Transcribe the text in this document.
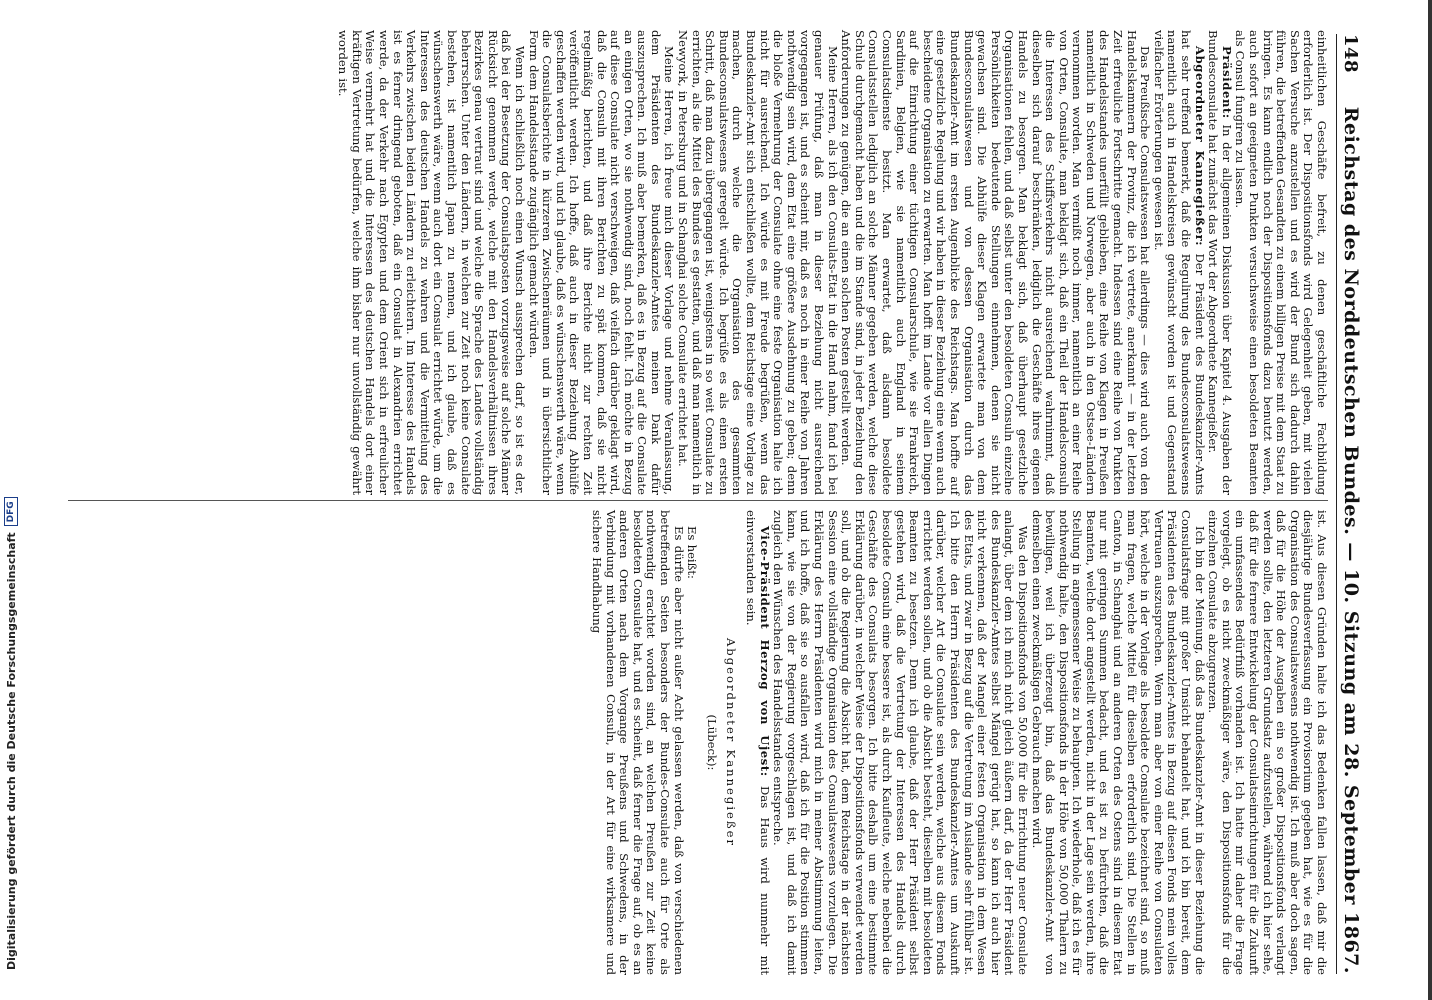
148
Reichstag des Norddeutschen Bundes. — 10. Sitzung am 28. September 1867.

einheitlichen Geschäfte befreit, zu denen geschäftliche Fachbildung erforderlich ist. Der Dispositionsfonds wird Gelegenheit geben, mit vielen Sachen Versuche anzustellen und es wird der Bund sich dadurch dahin führen, die betreffenden Gesandten zu einem billigen Preise mit dem Staat zu bringen. Es kann endlich noch der Dispositionsfonds dazu benutzt werden, auch sofort an geeigneten Punkten versuchsweise einen besoldeten Beamten als Consul fungiren zu lassen.

Präsident: In der allgemeinen Diskussion über Kapitel 4. Ausgaben der Bundesconsulate hat zunächst das Wort der Abgeordnete Kannegießer.

Abgeordneter Kannegießer: Der Präsident des Bundeskanzler-Amts hat sehr treffend bemerkt, daß die Regulirung des Bundesconsulatswesens namentlich auch in Handelskreisen gewünscht worden ist und Gegenstand vielfacher Erörterungen gewesen ist.

Das Preußische Consulatswesen hat allerdings — dies wird auch von den Handelskammern der Provinz, die ich vertrete, anerkannt — in der letzten Zeit erfreuliche Fortschritte gemacht. Indessen sind eine Reihe von Punkten des Handelsstandes unerfüllt geblieben, eine Reihe von Klagen in Preußen namentlich in Schweden und Norwegen, aber auch in den Ostsee-Ländern vernommen worden. Man vermißt noch immer, namentlich an einer Reihe von Orten, Consulate, man beklagt sich, daß ein Theil der Handelsconsuln die Interessen des Schiffsverkehrs nicht ausreichend wahrnimmt, daß dieselben sich darauf beschränken, lediglich die Geschäfte ihres eigenen Handels zu besorgen. Man beklagt sich, daß überhaupt gesetzliche Organisationen fehlen, und daß selbst unter den besoldeten Consuln einzelne Persönlichkeiten bedeutende Stellungen einnehmen, denen sie nicht gewachsen sind. Die Abhülfe dieser Klagen erwartete man von dem Bundesconsulatswesen und von dessen Organisation durch das Bundeskanzler-Amt im ersten Augenblicke des Reichstags. Man hoffte auf eine gesetzliche Regelung und wir haben in dieser Beziehung eine wenn auch bescheidene Organisation zu erwarten. Man hofft im Lande vor allen Dingen auf die Einrichtung einer tüchtigen Consularschule, wie sie Frankreich, Sardinien, Belgien, wie sie namentlich auch England in seinem Consulatsdienste besitzt. Man erwartet, daß alsdann besoldete Consulatsstellen lediglich an solche Männer gegeben werden, welche diese Schule durchgemacht haben und die im Stande sind, in jeder Beziehung den Anforderungen zu genügen, die an einen solchen Posten gestellt werden.

Meine Herren, als ich den Consulats-Etat in die Hand nahm, fand ich bei genauer Prüfung, daß man in dieser Beziehung nicht ausreichend vorgegangen ist, und es scheint mir, daß es noch in einer Reihe von Jahren nothwendig sein wird, dem Etat eine größere Ausdehnung zu geben; denn die bloße Vermehrung der Consulate ohne eine feste Organisation halte ich nicht für ausreichend. Ich würde es mit Freude begrüßen, wenn das Bundeskanzler-Amt sich entschließen wollte, dem Reichstage eine Vorlage zu machen, durch welche die Organisation des gesammten Bundesconsulatswesens geregelt würde. Ich begrüße es als einen ersten Schritt, daß man dazu übergegangen ist, wenigstens in so weit Consulate zu errichten, als die Mittel des Bundes es gestatten, und daß man namentlich in Newyork, in Petersburg und in Schanghai solche Consulate errichtet hat.

Meine Herren, ich freue mich dieser Vorlage und nehme Veranlassung, dem Präsidenten des Bundeskanzler-Amtes meinen Dank dafür auszusprechen. Ich muß aber bemerken, daß es in Bezug auf die Consulate an einigen Orten, wo sie nothwendig sind, noch fehlt. Ich möchte in Bezug auf diese Consulate nicht verschweigen, daß vielfach darüber geklagt wird, daß die Consuln mit ihren Berichten zu spät kommen, daß sie nicht regelmäßig berichten, und daß ihre Berichte nicht zur rechten Zeit veröffentlicht werden. Ich hoffe, daß auch in dieser Beziehung Abhülfe geschaffen werden wird, und ich glaube, daß es wünschenswerth wäre, wenn die Consulatsberichte in kürzeren Zwischenräumen und in übersichtlicher Form dem Handelsstande zugänglich gemacht würden.

Wenn ich schließlich noch einen Wunsch aussprechen darf, so ist es der, daß bei der Besetzung der Consulatsposten vorzugsweise auf solche Männer Rücksicht genommen werde, welche mit den Handelsverhältnissen ihres Bezirkes genau vertraut sind und welche die Sprache des Landes vollständig beherrschen. Unter den Ländern, in welchen zur Zeit noch keine Consulate bestehen, ist namentlich Japan zu nennen, und ich glaube, daß es wünschenswerth wäre, wenn auch dort ein Consulat errichtet würde, um die Interessen des deutschen Handels zu wahren und die Vermittelung des Verkehrs zwischen beiden Ländern zu erleichtern. Im Interesse des Handels ist es ferner dringend geboten, daß ein Consulat in Alexandrien errichtet werde, da der Verkehr nach Egypten und dem Orient sich in erfreulicher Weise vermehrt hat und die Interessen des deutschen Handels dort einer kräftigen Vertretung bedürfen, welche ihm bisher nur unvollständig gewährt worden ist.

ist. Aus diesen Gründen halte ich das Bedenken fallen lassen, daß mir die diesjährige Bundesverfassung ein Provisorium gegeben hat, wie es für die Organisation des Consulatswesens nothwendig ist. Ich muß aber doch sagen, daß für die Höhe der Ausgaben ein so großer Dispositionsfonds verlangt werden sollte, den letzteren Grundsatz aufzustellen, während ich hier sehe, daß für die fernere Entwickelung der Consulatseinrichtungen für die Zukunft ein umfassendes Bedürfniß vorhanden ist. Ich hatte mir daher die Frage vorgelegt, ob es nicht zweckmäßiger wäre, den Dispositionsfonds für die einzelnen Consulate abzugrenzen.

Ich bin der Meinung, daß das Bundeskanzler-Amt in dieser Beziehung die Consulatsfrage mit großer Umsicht behandelt hat, und ich bin bereit, dem Präsidenten des Bundeskanzler-Amtes in Bezug auf diesen Fonds mein volles Vertrauen auszusprechen. Wenn man aber von einer Reihe von Consulaten hört, welche in der Vorlage als besoldete Consulate bezeichnet sind, so muß man fragen, welche Mittel für dieselben erforderlich sind. Die Stellen in Canton, in Schanghai und an anderen Orten des Ostens sind in diesem Etat nur mit geringen Summen bedacht, und es ist zu befürchten, daß die Beamten, welche dort angestellt werden, nicht in der Lage sein werden, ihre Stellung in angemessener Weise zu behaupten. Ich wiederhole, daß ich es für nothwendig halte, den Dispositionsfonds in der Höhe von 50,000 Thalern zu bewilligen, weil ich überzeugt bin, daß das Bundeskanzler-Amt von demselben einen zweckmäßigen Gebrauch machen wird.

Was den Dispositionsfonds von 50,000 für die Errichtung neuer Consulate anlangt, über dem ich mich nicht gleich äußern darf, da der Herr Präsident des Bundeskanzler-Amtes selbst Mängel gerügt hat, so kann ich auch hier nicht verkennen, daß der Mangel einer festen Organisation in dem Wesen des Etats, und zwar in Bezug auf die Vertretung im Auslande sehr fühlbar ist. Ich bitte den Herrn Präsidenten des Bundeskanzler-Amtes um Auskunft darüber, welcher Art die Consulate sein werden, welche aus diesem Fonds errichtet werden sollen, und ob die Absicht besteht, dieselben mit besoldeten Beamten zu besetzen. Denn ich glaube, daß der Herr Präsident selbst gestehen wird, daß die Vertretung der Interessen des Handels durch besoldete Consuln eine bessere ist, als durch Kaufleute, welche nebenbei die Geschäfte des Consulats besorgen. Ich bitte deshalb um eine bestimmte Erklärung darüber, in welcher Weise der Dispositionsfonds verwendet werden soll, und ob die Regierung die Absicht hat, dem Reichstage in der nächsten Session eine vollständige Organisation des Consulatswesens vorzulegen. Die Erklärung des Herrn Präsidenten wird mich in meiner Abstimmung leiten, und ich hoffe, daß sie so ausfallen wird, daß ich für die Position stimmen kann, wie sie von der Regierung vorgeschlagen ist, und daß ich damit zugleich den Wünschen des Handelsstandes entspreche.

Vice-Präsident Herzog von Ujest: Das Haus wird nunmehr mit einverstanden sein.

Abgeordneter Kannegießer

(Lübeck):

Es heißt:

Es dürfte aber nicht außer Acht gelassen werden, daß von verschiedenen betreffenden Seiten besonders der Bundes-Consulate auch für Orte als nothwendig erachtet worden sind, an welchen Preußen zur Zeit keine besoldeten Consulate hat, und es scheint, daß ferner die Frage auf, ob es an anderen Orten nach dem Vorgange Preußens und Schwedens, in der Verbindung mit vorhandenen Consuln, in der Art für eine wirksamere und sichere Handhabung

Digitalisierung gefördert durch die Deutsche Forschungsgemeinschaft
DFG
